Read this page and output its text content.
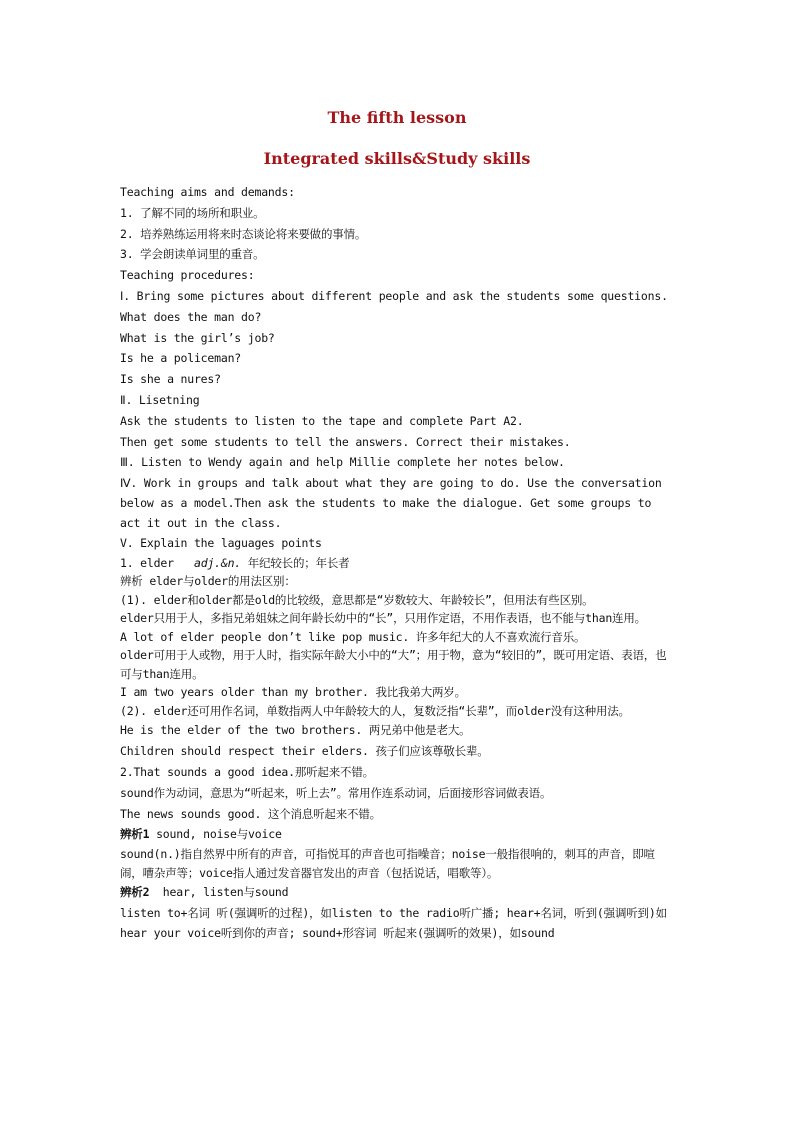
The fifth lesson
Integrated skills&Study skills

Teaching aims and demands:

1. 了解不同的场所和职业。

2. 培养熟练运用将来时态谈论将来要做的事情。

3. 学会朗读单词里的重音。

Teaching procedures:

Ⅰ. Bring some pictures about different people and ask the students some questions.

What does the man do?

What is the girl’s job?

Is he a policeman?

Is she a nures?

Ⅱ. Lisetning

Ask the students to listen to the tape and complete Part A2.

Then get some students to tell the answers. Correct their mistakes.

Ⅲ. Listen to Wendy again and help Millie complete her notes below.

Ⅳ. Work in groups and talk about what they are going to do. Use the conversation below as a model.Then ask the students to make the dialogue. Get some groups to act it out in the class.

V. Explain the laguages points

1. elder adj.&n. 年纪较长的；年长者

辨析 elder与older的用法区别：

(1). elder和older都是old的比较级，意思都是“岁数较大、年龄较长”，但用法有些区别。

elder只用于人，多指兄弟姐妹之间年龄长幼中的“长”，只用作定语，不用作表语，也不能与than连用。

A lot of elder people don’t like pop music. 许多年纪大的人不喜欢流行音乐。

older可用于人或物，用于人时，指实际年龄大小中的“大”；用于物，意为“较旧的”，既可用定语、表语，也可与than连用。

I am two years older than my brother. 我比我弟大两岁。

(2). elder还可用作名词，单数指两人中年龄较大的人，复数泛指“长辈”，而older没有这种用法。

He is the elder of the two brothers. 两兄弟中他是老大。

Children should respect their elders. 孩子们应该尊敬长辈。

2.That sounds a good idea.那听起来不错。

sound作为动词，意思为“听起来，听上去”。常用作连系动词，后面接形容词做表语。

The news sounds good. 这个消息听起来不错。

辨析1 sound, noise与voice

sound(n.)指自然界中所有的声音，可指悦耳的声音也可指噪音；noise一般指很响的，刺耳的声音，即喧闹，嘈杂声等；voice指人通过发音器官发出的声音（包括说话，唱歌等）。

辨析2 hear, listen与sound

listen to+名词 听(强调听的过程)，如listen to the radio听广播; hear+名词，听到(强调听到)如hear your voice听到你的声音; sound+形容词 听起来(强调听的效果)，如sound
